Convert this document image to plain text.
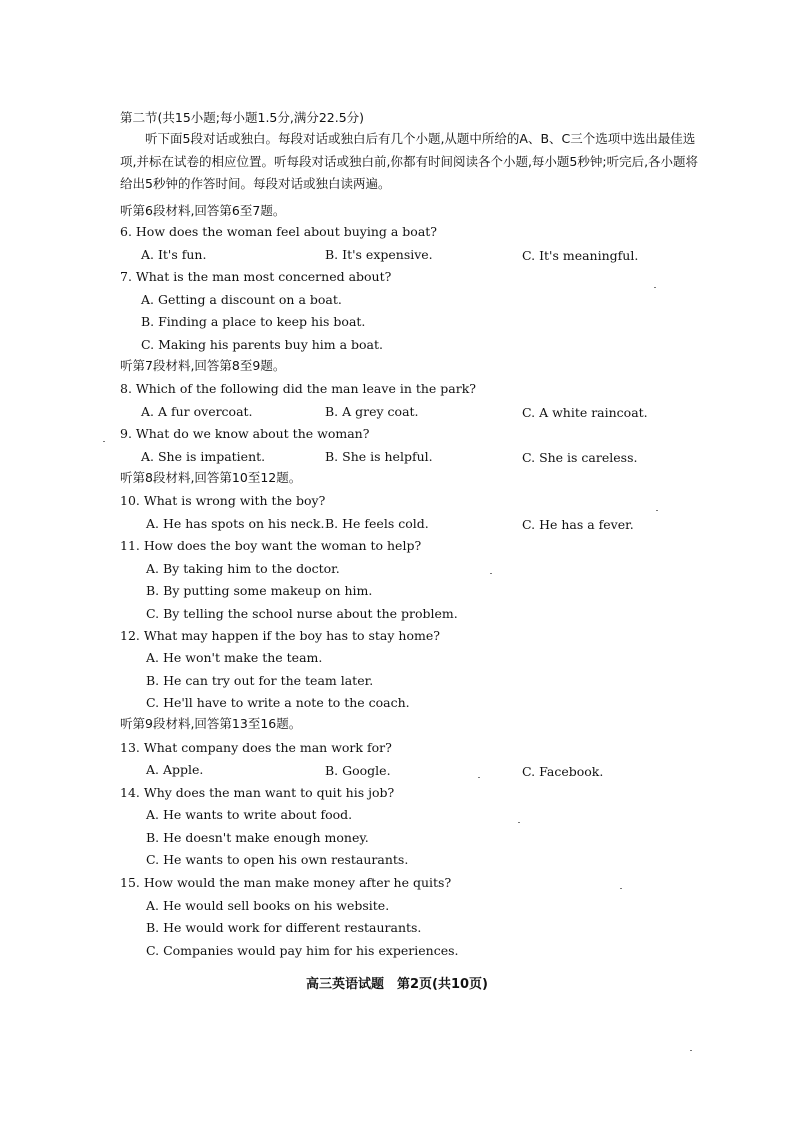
第二节(共15小题;每小题1.5分,满分22.5分)
听下面5段对话或独白。每段对话或独白后有几个小题,从题中所给的A、B、C三个选项中选出最佳选项,并标在试卷的相应位置。听每段对话或独白前,你都有时间阅读各个小题,每小题5秒钟;听完后,各小题将给出5秒钟的作答时间。每段对话或独白读两遍。
听第6段材料,回答第6至7题。
6. How does the woman feel about buying a boat?
A. It's fun.	B. It's expensive.	C. It's meaningful.
7. What is the man most concerned about?
A. Getting a discount on a boat.
B. Finding a place to keep his boat.
C. Making his parents buy him a boat.
听第7段材料,回答第8至9题。
8. Which of the following did the man leave in the park?
A. A fur overcoat.	B. A grey coat.	C. A white raincoat.
9. What do we know about the woman?
A. She is impatient.	B. She is helpful.	C. She is careless.
听第8段材料,回答第10至12题。
10. What is wrong with the boy?
A. He has spots on his neck. B. He feels cold.	C. He has a fever.
11. How does the boy want the woman to help?
A. By taking him to the doctor.
B. By putting some makeup on him.
C. By telling the school nurse about the problem.
12. What may happen if the boy has to stay home?
A. He won't make the team.
B. He can try out for the team later.
C. He'll have to write a note to the coach.
听第9段材料,回答第13至16题。
13. What company does the man work for?
A. Apple.	B. Google.	C. Facebook.
14. Why does the man want to quit his job?
A. He wants to write about food.
B. He doesn't make enough money.
C. He wants to open his own restaurants.
15. How would the man make money after he quits?
A. He would sell books on his website.
B. He would work for different restaurants.
C. Companies would pay him for his experiences.
高三英语试题　第2页(共10页)
